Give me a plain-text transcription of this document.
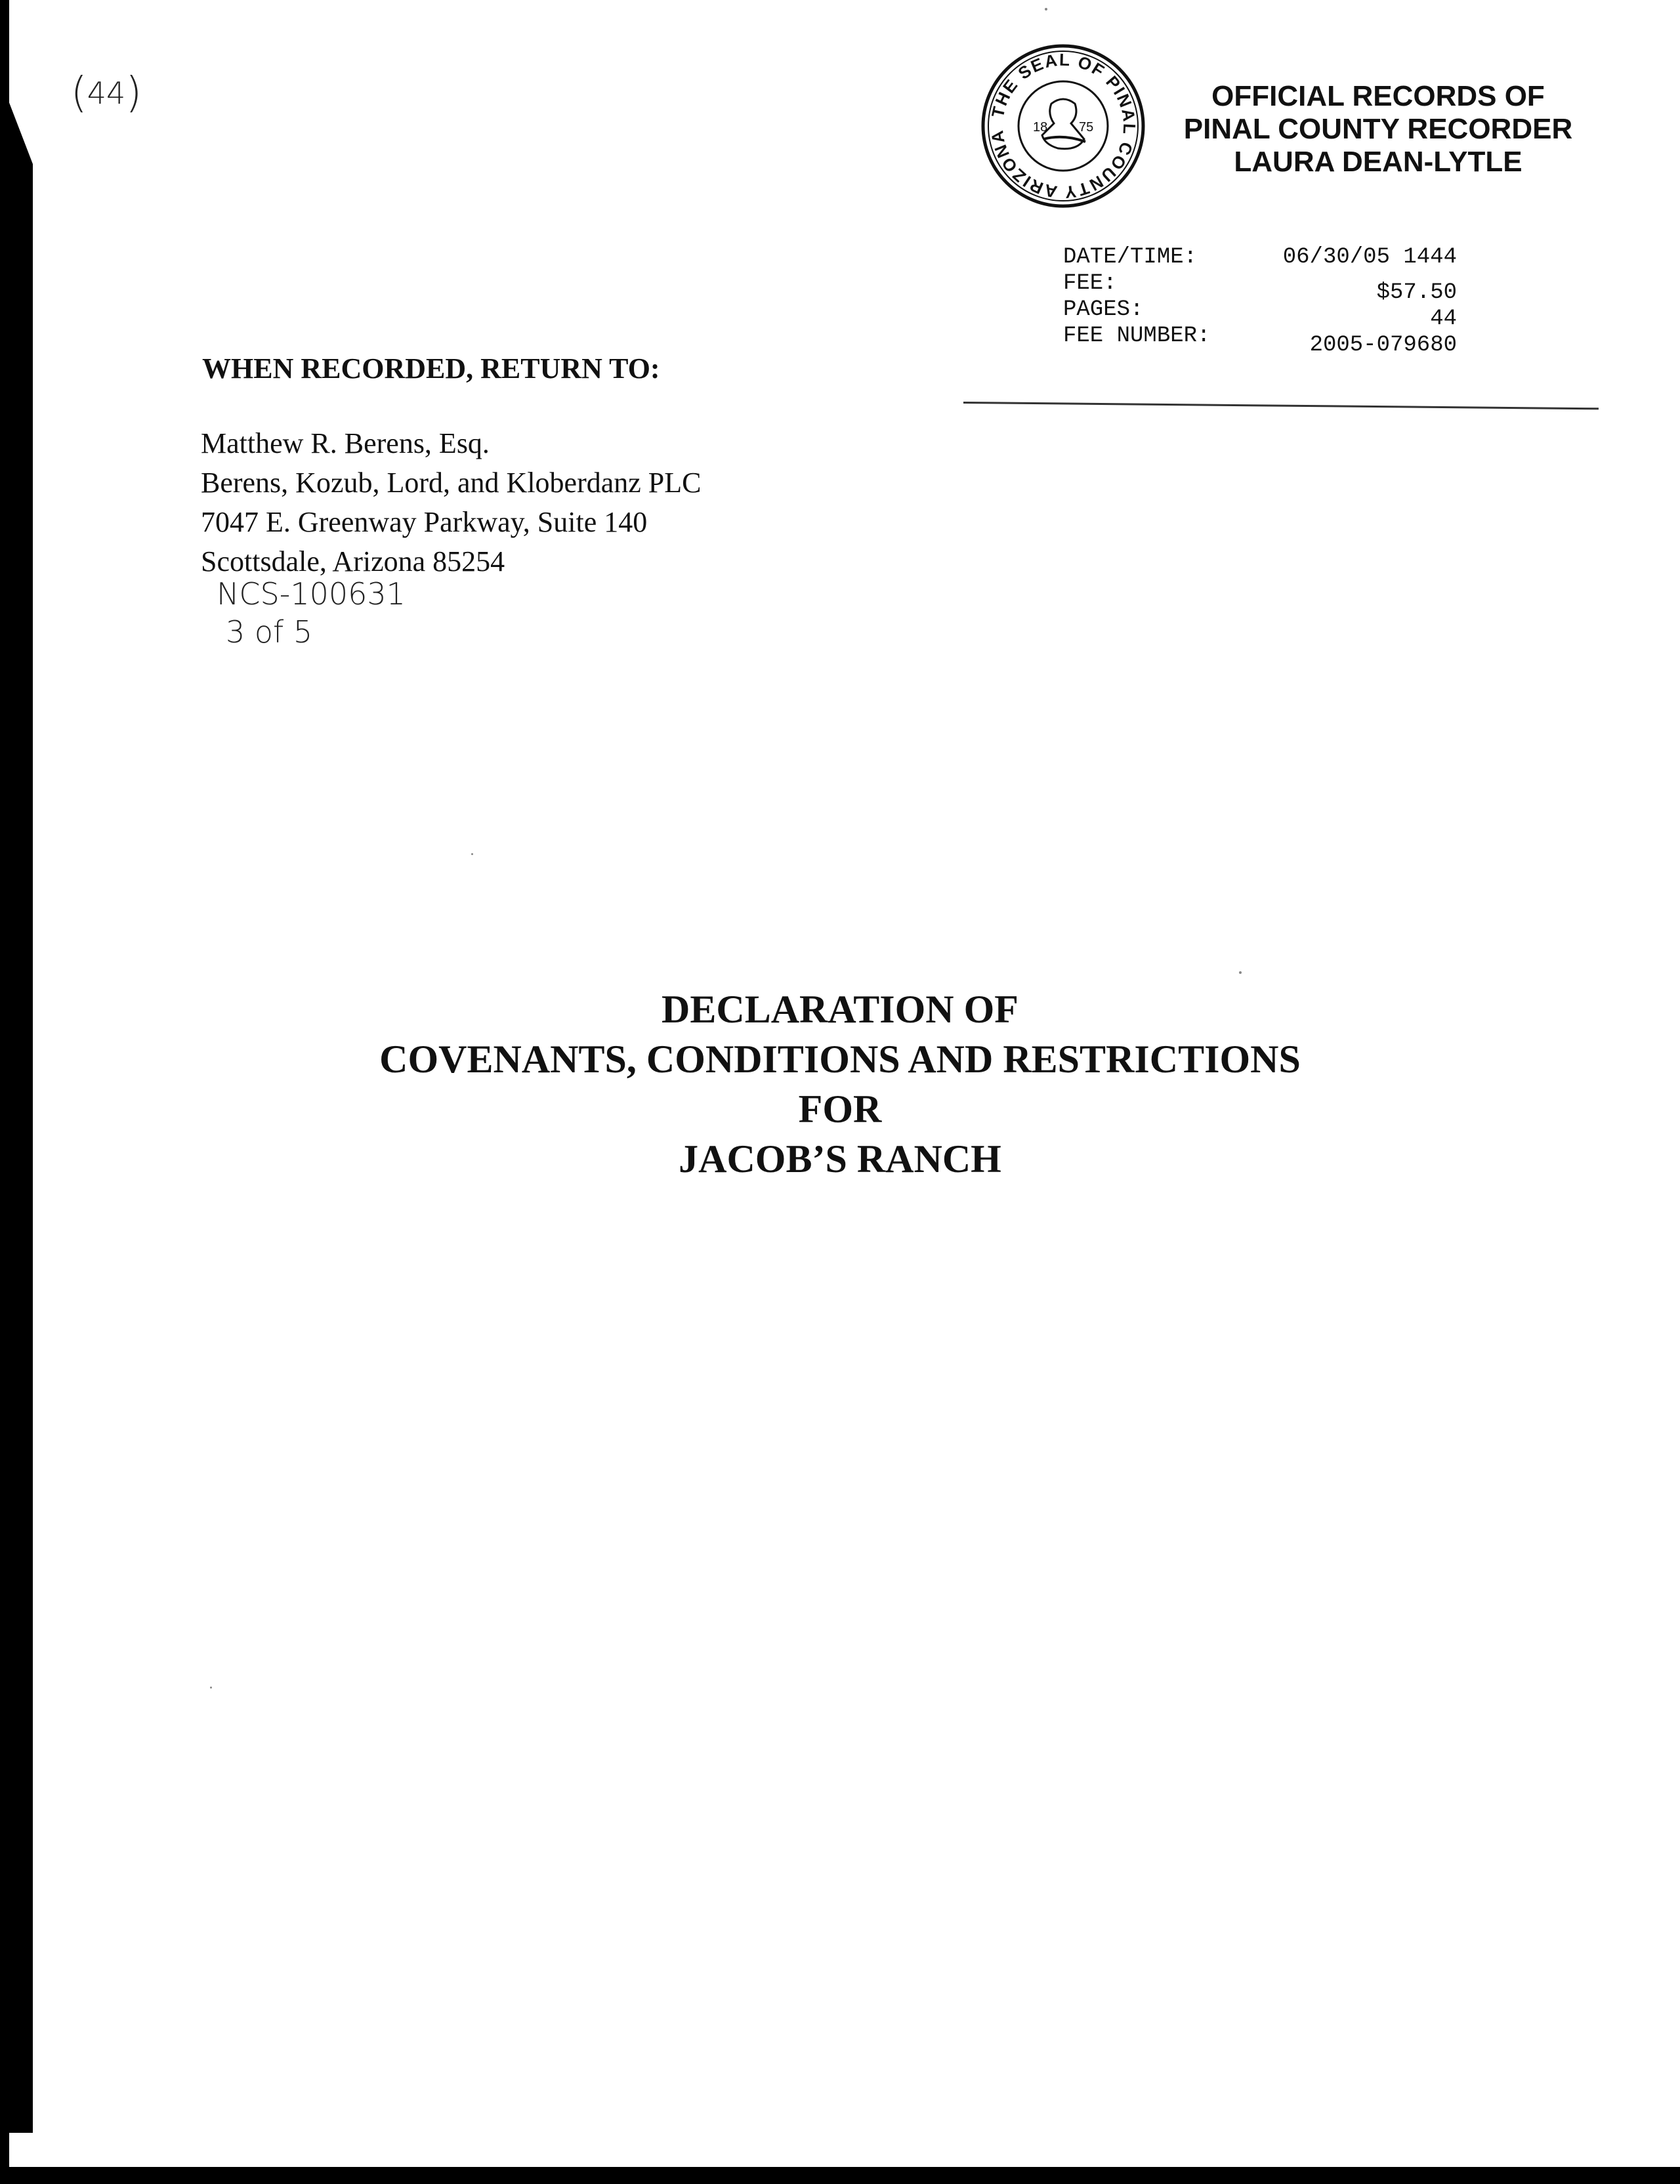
( 44 )	THE SEAL OF PINAL COUNTY ARIZONA
18 75
OFFICIAL RECORDS OF
PINAL COUNTY RECORDER
LAURA DEAN-LYTLE
DATE/TIME:	06/30/05 1444
FEE:	$57.50
PAGES:	44
FEE NUMBER:	2005-079680
WHEN RECORDED, RETURN TO:
Matthew R. Berens, Esq.
Berens, Kozub, Lord, and Kloberdanz PLC
7047 E. Greenway Parkway, Suite 140
Scottsdale, Arizona 85254
NCS-100631
3 of 5
DECLARATION OF
COVENANTS, CONDITIONS AND RESTRICTIONS
FOR
JACOB’S RANCH
